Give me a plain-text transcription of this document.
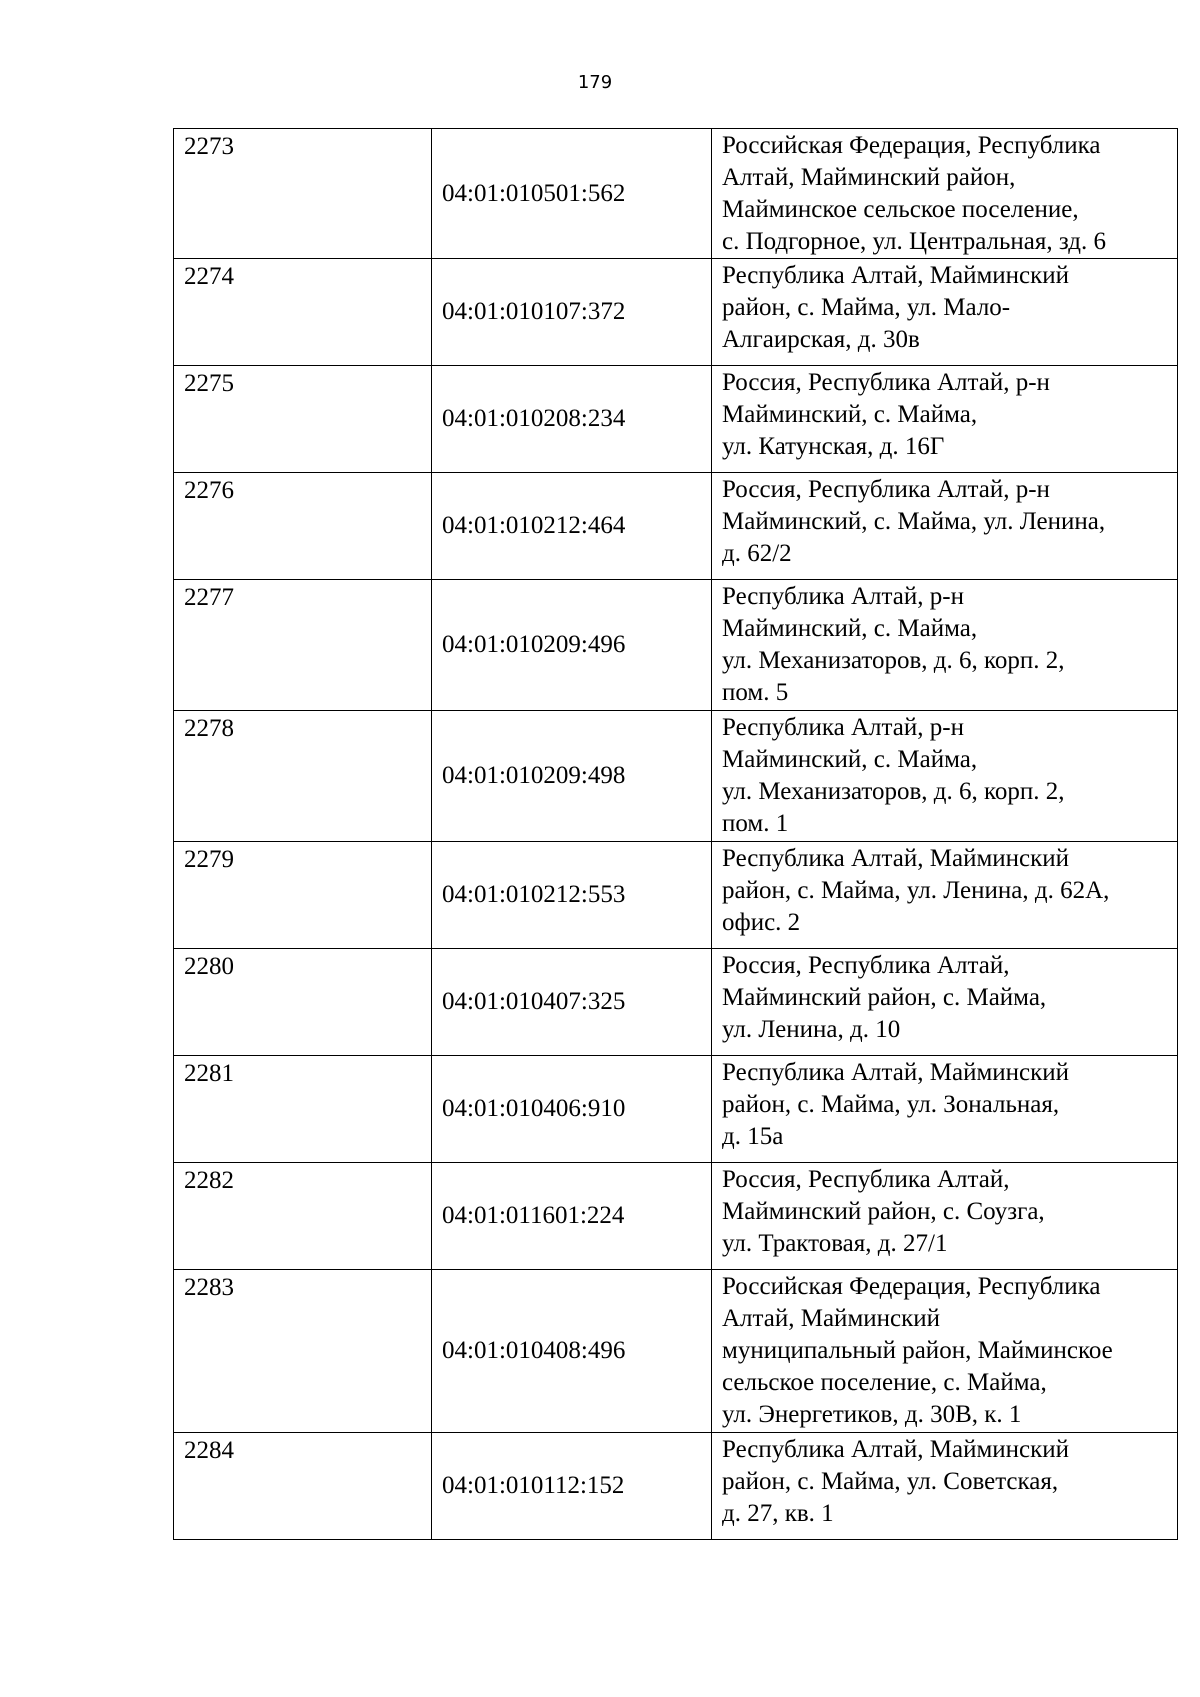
179
2273	04:01:010501:562	Российская Федерация, Республика
Алтай, Майминский район,
Майминское сельское поселение,
с. Подгорное, ул. Центральная, зд. 6

2274	04:01:010107:372	Республика Алтай, Майминский
район, с. Майма, ул. Мало-
Алгаирская, д. 30в

2275	04:01:010208:234	Россия, Республика Алтай, р-н
Майминский, с. Майма,
ул. Катунская, д. 16Г

2276	04:01:010212:464	Россия, Республика Алтай, р-н
Майминский, с. Майма, ул. Ленина,
д. 62/2

2277	04:01:010209:496	Республика Алтай, р-н
Майминский, с. Майма,
ул. Механизаторов, д. 6, корп. 2,
пом. 5

2278	04:01:010209:498	Республика Алтай, р-н
Майминский, с. Майма,
ул. Механизаторов, д. 6, корп. 2,
пом. 1

2279	04:01:010212:553	Республика Алтай, Майминский
район, с. Майма, ул. Ленина, д. 62А,
офис. 2

2280	04:01:010407:325	Россия, Республика Алтай,
Майминский район, с. Майма,
ул. Ленина, д. 10

2281	04:01:010406:910	Республика Алтай, Майминский
район, с. Майма, ул. Зональная,
д. 15а

2282	04:01:011601:224	Россия, Республика Алтай,
Майминский район, с. Соузга,
ул. Трактовая, д. 27/1

2283	04:01:010408:496	Российская Федерация, Республика
Алтай, Майминский
муниципальный район, Майминское
сельское поселение, с. Майма,
ул. Энергетиков, д. 30В, к. 1

2284	04:01:010112:152	Республика Алтай, Майминский
район, с. Майма, ул. Советская,
д. 27, кв. 1
